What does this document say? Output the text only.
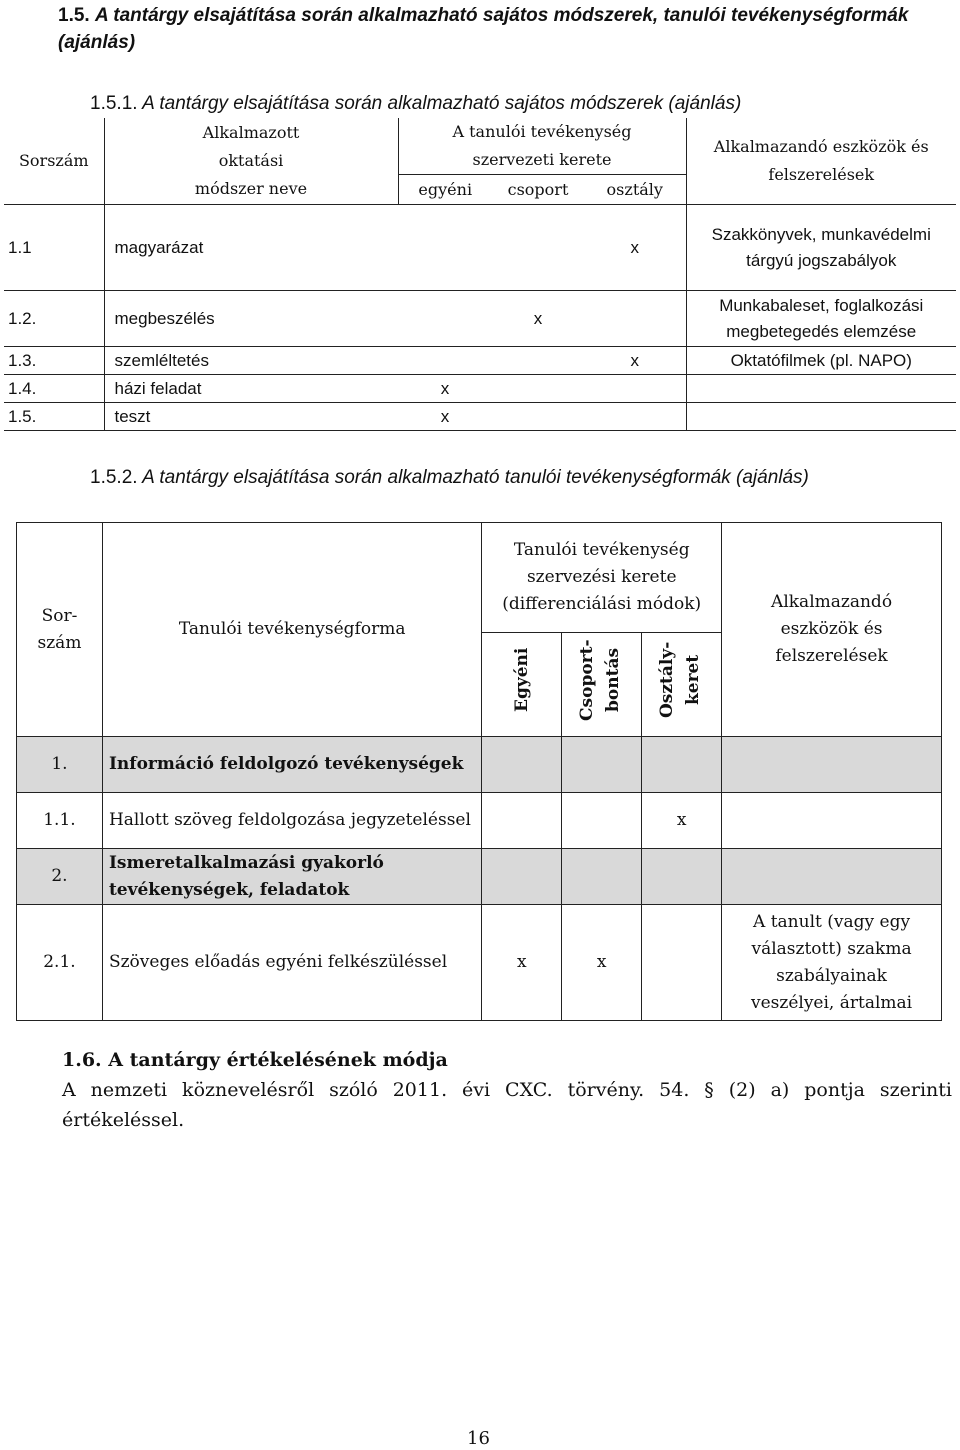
1.5. A tantárgy elsajátítása során alkalmazható sajátos módszerek, tanulói tevékenységformák (ajánlás)
1.5.1. A tantárgy elsajátítása során alkalmazható sajátos módszerek (ajánlás)
Sorszám	Alkalmazott oktatási módszer neve	A tanulói tevékenység szervezeti kerete			Alkalmazandó eszközök és felszerelések

		egyéni	csoport	osztály	
1.1	magyarázat			x	Szakkönyvek, munkavédelmi tárgyú jogszabályok
1.2.	megbeszélés		x		Munkabaleset, foglalkozási megbetegedés elemzése
1.3.	szemléltetés			x	Oktatófilmek (pl. NAPO)
1.4.	házi feladat	x			
1.5.	teszt	x			
1.5.2. A tantárgy elsajátítása során alkalmazható tanulói tevékenységformák (ajánlás)
Sor-szám	Tanulói tevékenységforma	Tanulói tevékenység szervezési kerete (differenciálási módok)			Alkalmazandó eszközök és felszerelések
		Egyéni	Csoport-bontás	Osztály-keret	
1.	Információ feldolgozó tevékenységek				
1.1.	Hallott szöveg feldolgozása jegyzeteléssel			x	
2.	Ismeretalkalmazási gyakorló tevékenységek, feladatok				
2.1.	Szöveges előadás egyéni felkészüléssel	x	x		A tanult (vagy egy választott) szakma szabályainak veszélyei, ártalmai
1.6. A tantárgy értékelésének módja
A nemzeti köznevelésről szóló 2011. évi CXC. törvény. 54. § (2) a) pontja szerinti értékeléssel.
16
